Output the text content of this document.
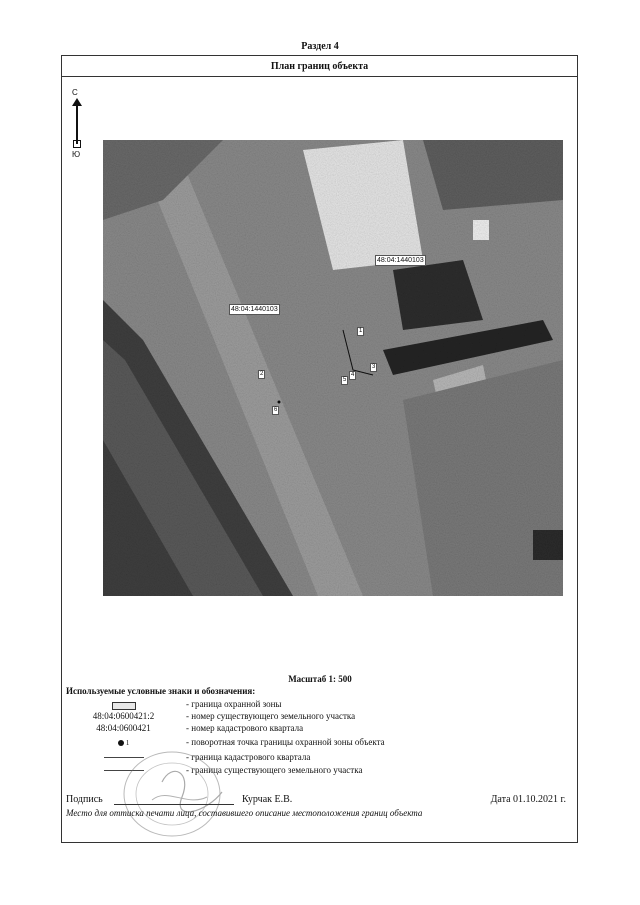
Раздел 4
План границ объекта
С
Ю
48:04:1440103
48:04:1440103
1
2
3
4
5
6
Масштаб 1: 500
Используемые условные знаки и обозначения:
- граница охранной зоны
48:04:0600421:2	- номер существующего земельного участка
48:04:0600421	- номер кадастрового квартала
1	- поворотная точка границы охранной зоны объекта
- граница кадастрового квартала
- граница существующего земельного участка
Подпись	Курчак Е.В.	Дата 01.10.2021 г.
Место для оттиска печати лица, составившего описание местоположения границ объекта
